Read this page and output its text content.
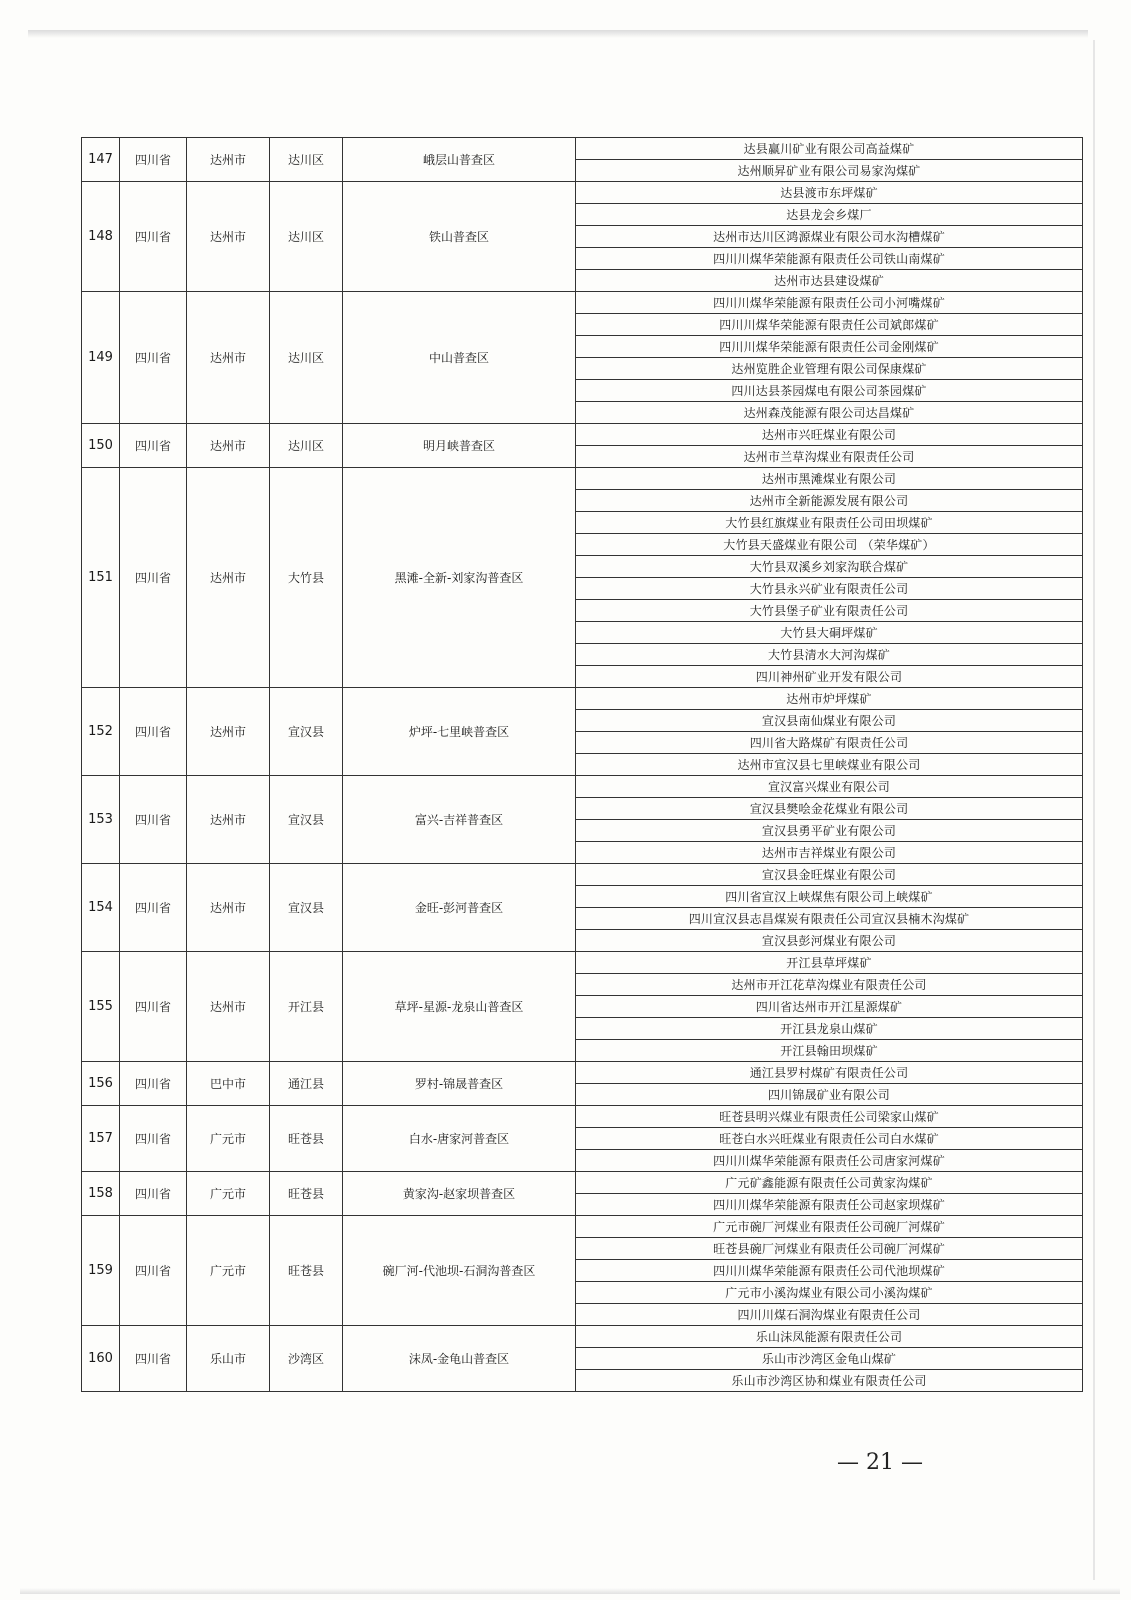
147	四川省	达州市	达川区	峨层山普查区	达县赢川矿业有限公司高益煤矿
					达州顺昇矿业有限公司易家沟煤矿
148	四川省	达州市	达川区	铁山普查区	达县渡市东坪煤矿
					达县龙会乡煤厂
					达州市达川区鸿源煤业有限公司水沟槽煤矿
					四川川煤华荣能源有限责任公司铁山南煤矿
					达州市达县建设煤矿
149	四川省	达州市	达川区	中山普查区	四川川煤华荣能源有限责任公司小河嘴煤矿
					四川川煤华荣能源有限责任公司斌郎煤矿
					四川川煤华荣能源有限责任公司金刚煤矿
					达州览胜企业管理有限公司保康煤矿
					四川达县茶园煤电有限公司茶园煤矿
					达州森茂能源有限公司达昌煤矿
150	四川省	达州市	达川区	明月峡普查区	达州市兴旺煤业有限公司
					达州市兰草沟煤业有限责任公司
151	四川省	达州市	大竹县	黑滩-全新-刘家沟普查区	达州市黑滩煤业有限公司
					达州市全新能源发展有限公司
					大竹县红旗煤业有限责任公司田坝煤矿
					大竹县天盛煤业有限公司 （荣华煤矿）
					大竹县双溪乡刘家沟联合煤矿
					大竹县永兴矿业有限责任公司
					大竹县堡子矿业有限责任公司
					大竹县大硐坪煤矿
					大竹县清水大河沟煤矿
					四川神州矿业开发有限公司
152	四川省	达州市	宣汉县	炉坪-七里峡普查区	达州市炉坪煤矿
					宣汉县南仙煤业有限公司
					四川省大路煤矿有限责任公司
					达州市宣汉县七里峡煤业有限公司
153	四川省	达州市	宣汉县	富兴-吉祥普查区	宣汉富兴煤业有限公司
					宣汉县樊哙金花煤业有限公司
					宣汉县勇平矿业有限公司
					达州市吉祥煤业有限公司
154	四川省	达州市	宣汉县	金旺-彭河普查区	宣汉县金旺煤业有限公司
					四川省宣汉上峡煤焦有限公司上峡煤矿
					四川宣汉县志昌煤炭有限责任公司宣汉县楠木沟煤矿
					宣汉县彭河煤业有限公司
155	四川省	达州市	开江县	草坪-星源-龙泉山普查区	开江县草坪煤矿
					达州市开江花草沟煤业有限责任公司
					四川省达州市开江星源煤矿
					开江县龙泉山煤矿
					开江县翰田坝煤矿
156	四川省	巴中市	通江县	罗村-锦晟普查区	通江县罗村煤矿有限责任公司
					四川锦晟矿业有限公司
157	四川省	广元市	旺苍县	白水-唐家河普查区	旺苍县明兴煤业有限责任公司梁家山煤矿
					旺苍白水兴旺煤业有限责任公司白水煤矿
					四川川煤华荣能源有限责任公司唐家河煤矿
158	四川省	广元市	旺苍县	黄家沟-赵家坝普查区	广元矿鑫能源有限责任公司黄家沟煤矿
					四川川煤华荣能源有限责任公司赵家坝煤矿
159	四川省	广元市	旺苍县	碗厂河-代池坝-石洞沟普查区	广元市碗厂河煤业有限责任公司碗厂河煤矿
					旺苍县碗厂河煤业有限责任公司碗厂河煤矿
					四川川煤华荣能源有限责任公司代池坝煤矿
					广元市小溪沟煤业有限公司小溪沟煤矿
					四川川煤石洞沟煤业有限责任公司
160	四川省	乐山市	沙湾区	沫凤-金龟山普查区	乐山沫凤能源有限责任公司
					乐山市沙湾区金龟山煤矿
					乐山市沙湾区协和煤业有限责任公司
— 21 —
